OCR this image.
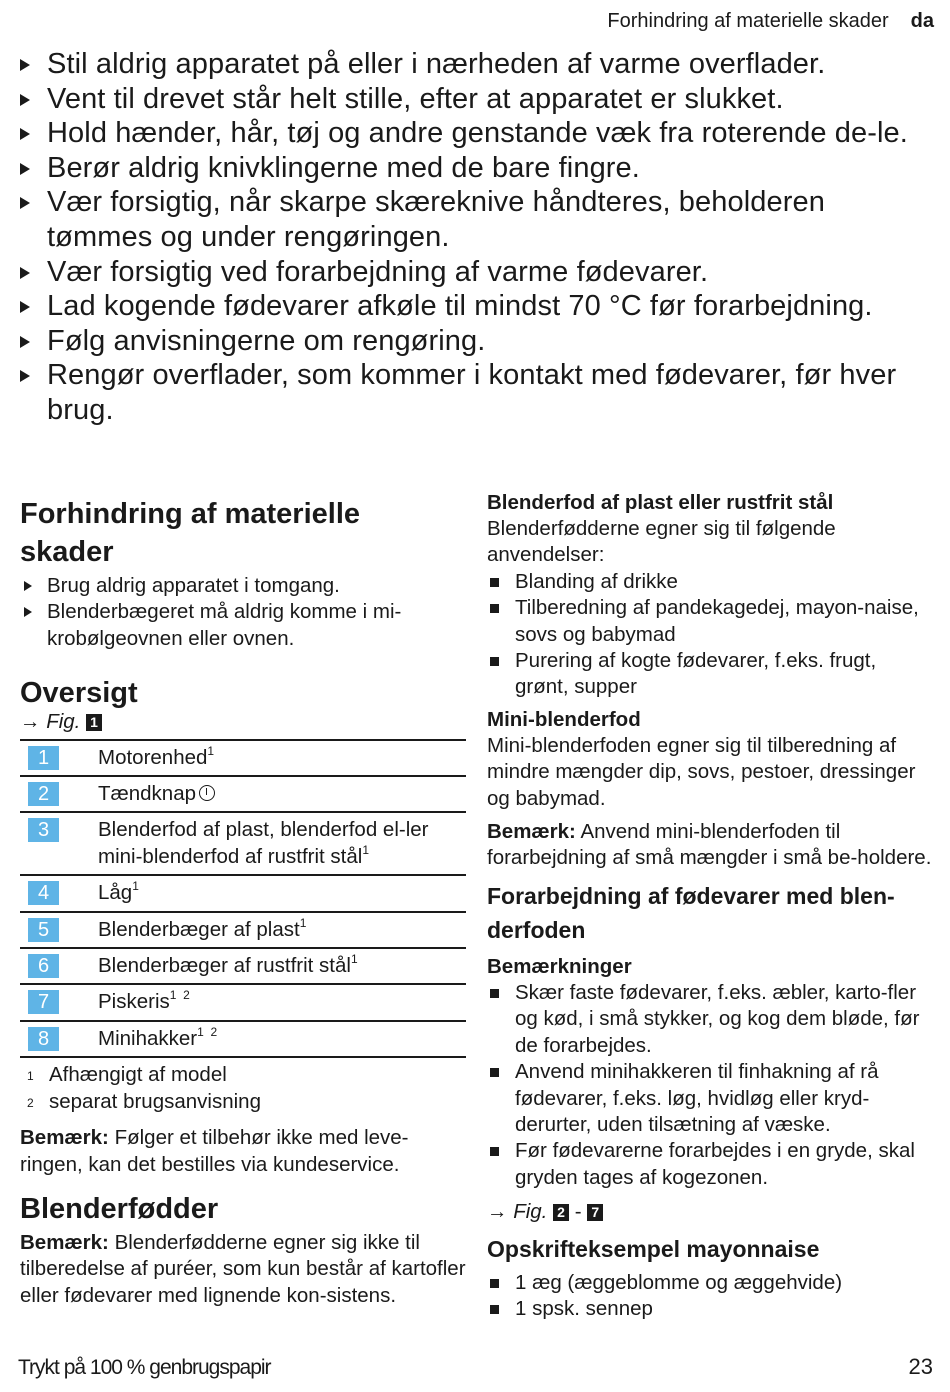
Forhindring af materielle skader da
Stil aldrig apparatet på eller i nærheden af varme overflader.
Vent til drevet står helt stille, efter at apparatet er slukket.
Hold hænder, hår, tøj og andre genstande væk fra roterende de-le.
Berør aldrig knivklingerne med de bare fingre.
Vær forsigtig, når skarpe skæreknive håndteres, beholderen tømmes og under rengøringen.
Vær forsigtig ved forarbejdning af varme fødevarer.
Lad kogende fødevarer afkøle til mindst 70 °C før forarbejdning.
Følg anvisningerne om rengøring.
Rengør overflader, som kommer i kontakt med fødevarer, før hver brug.
Forhindring af materielle skader
Brug aldrig apparatet i tomgang.
Blenderbægeret må aldrig komme i mi-krobølgeovnen eller ovnen.
Oversigt
→ Fig. 1
1	Motorenhed$^1$
2	Tændknap
3	Blenderfod af plast, blenderfod el-ler mini-blenderfod af rustfrit stål$^1$
4	Låg$^1$
5	Blenderbæger af plast$^1$
6	Blenderbæger af rustfrit stål$^1$
7	Piskeris$^{1 2}$
8	Minihakker$^{1 2}$
1 Afhængigt af model
2 separat brugsanvisning

Bemærk: Følger et tilbehør ikke med leve-ringen, kan det bestilles via kundeservice.

Blenderfødder

Bemærk: Blenderfødderne egner sig ikke til tilberedelse af puréer, som kun består af kartofler eller fødevarer med lignende kon-sistens.

Blenderfod af plast eller rustfrit stål

Blenderfødderne egner sig til følgende anvendelser:

Blanding af drikke
Tilberedning af pandekagedej, mayon-naise, sovs og babymad
Purering af kogte fødevarer, f.eks. frugt, grønt, supper
Mini-blenderfod

Mini-blenderfoden egner sig til tilberedning af mindre mængder dip, sovs, pestoer, dressinger og babymad.

Bemærk: Anvend mini-blenderfoden til forarbejdning af små mængder i små be-holdere.

Forarbejdning af fødevarer med blen-derfoden
Bemærkninger
Skær faste fødevarer, f.eks. æbler, karto-fler og kød, i små stykker, og kog dem bløde, før de forarbejdes.
Anvend minihakkeren til finhakning af rå fødevarer, f.eks. løg, hvidløg eller kryd-derurter, uden tilsætning af væske.
Før fødevarerne forarbejdes i en gryde, skal gryden tages af kogezonen.
→ Fig. 2 - 7
Opskrifteksempel mayonnaise
1 æg (æggeblomme og æggehvide)
1 spsk. sennep
Trykt på 100 % genbrugspapir	23
